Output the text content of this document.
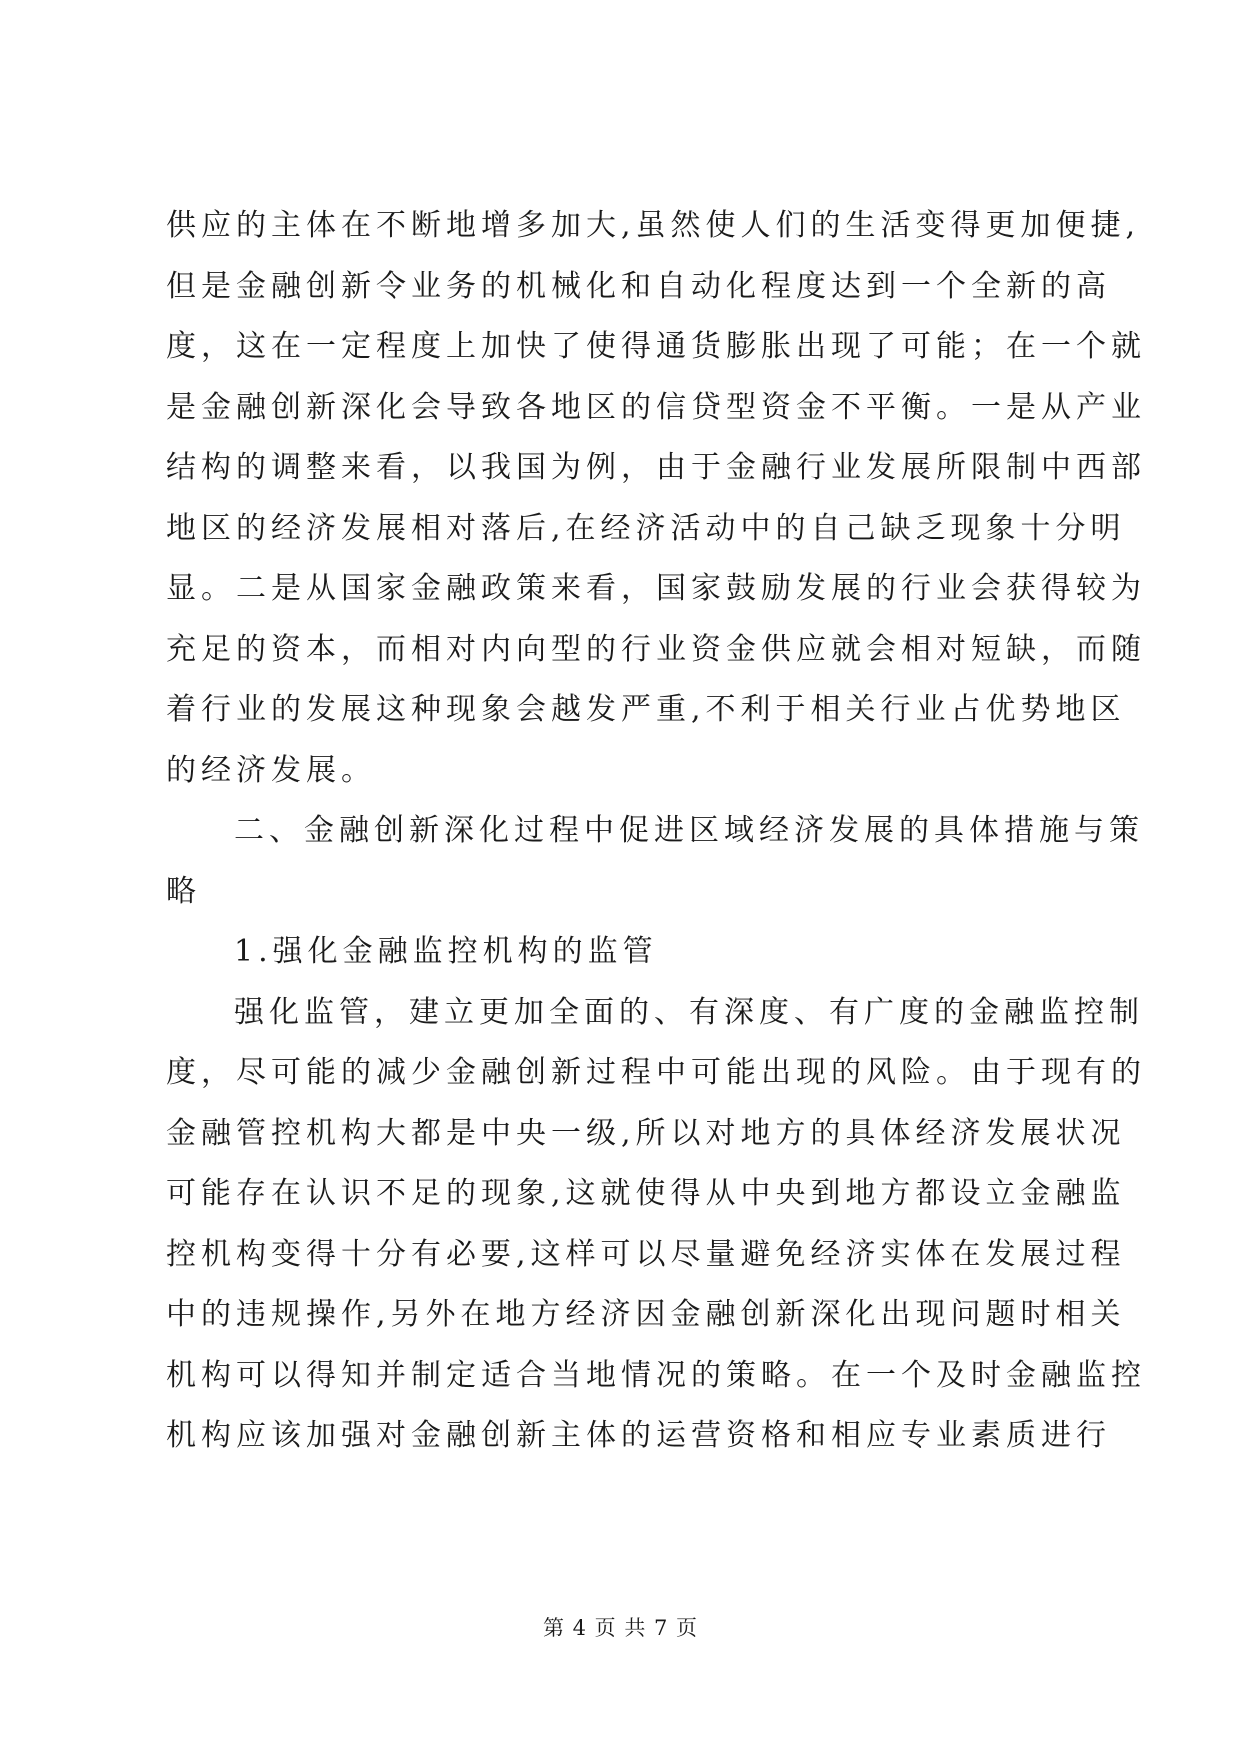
供应的主体在不断地增多加大,虽然使人们的生活变得更加便捷,
但是金融创新令业务的机械化和自动化程度达到一个全新的高
度，这在一定程度上加快了使得通货膨胀出现了可能；在一个就
是金融创新深化会导致各地区的信贷型资金不平衡。一是从产业
结构的调整来看，以我国为例，由于金融行业发展所限制中西部
地区的经济发展相对落后,在经济活动中的自己缺乏现象十分明
显。二是从国家金融政策来看，国家鼓励发展的行业会获得较为
充足的资本，而相对内向型的行业资金供应就会相对短缺，而随
着行业的发展这种现象会越发严重,不利于相关行业占优势地区
的经济发展。
二、金融创新深化过程中促进区域经济发展的具体措施与策
略
1.强化金融监控机构的监管
强化监管，建立更加全面的、有深度、有广度的金融监控制
度，尽可能的减少金融创新过程中可能出现的风险。由于现有的
金融管控机构大都是中央一级,所以对地方的具体经济发展状况
可能存在认识不足的现象,这就使得从中央到地方都设立金融监
控机构变得十分有必要,这样可以尽量避免经济实体在发展过程
中的违规操作,另外在地方经济因金融创新深化出现问题时相关
机构可以得知并制定适合当地情况的策略。在一个及时金融监控
机构应该加强对金融创新主体的运营资格和相应专业素质进行
第 4 页 共 7 页
